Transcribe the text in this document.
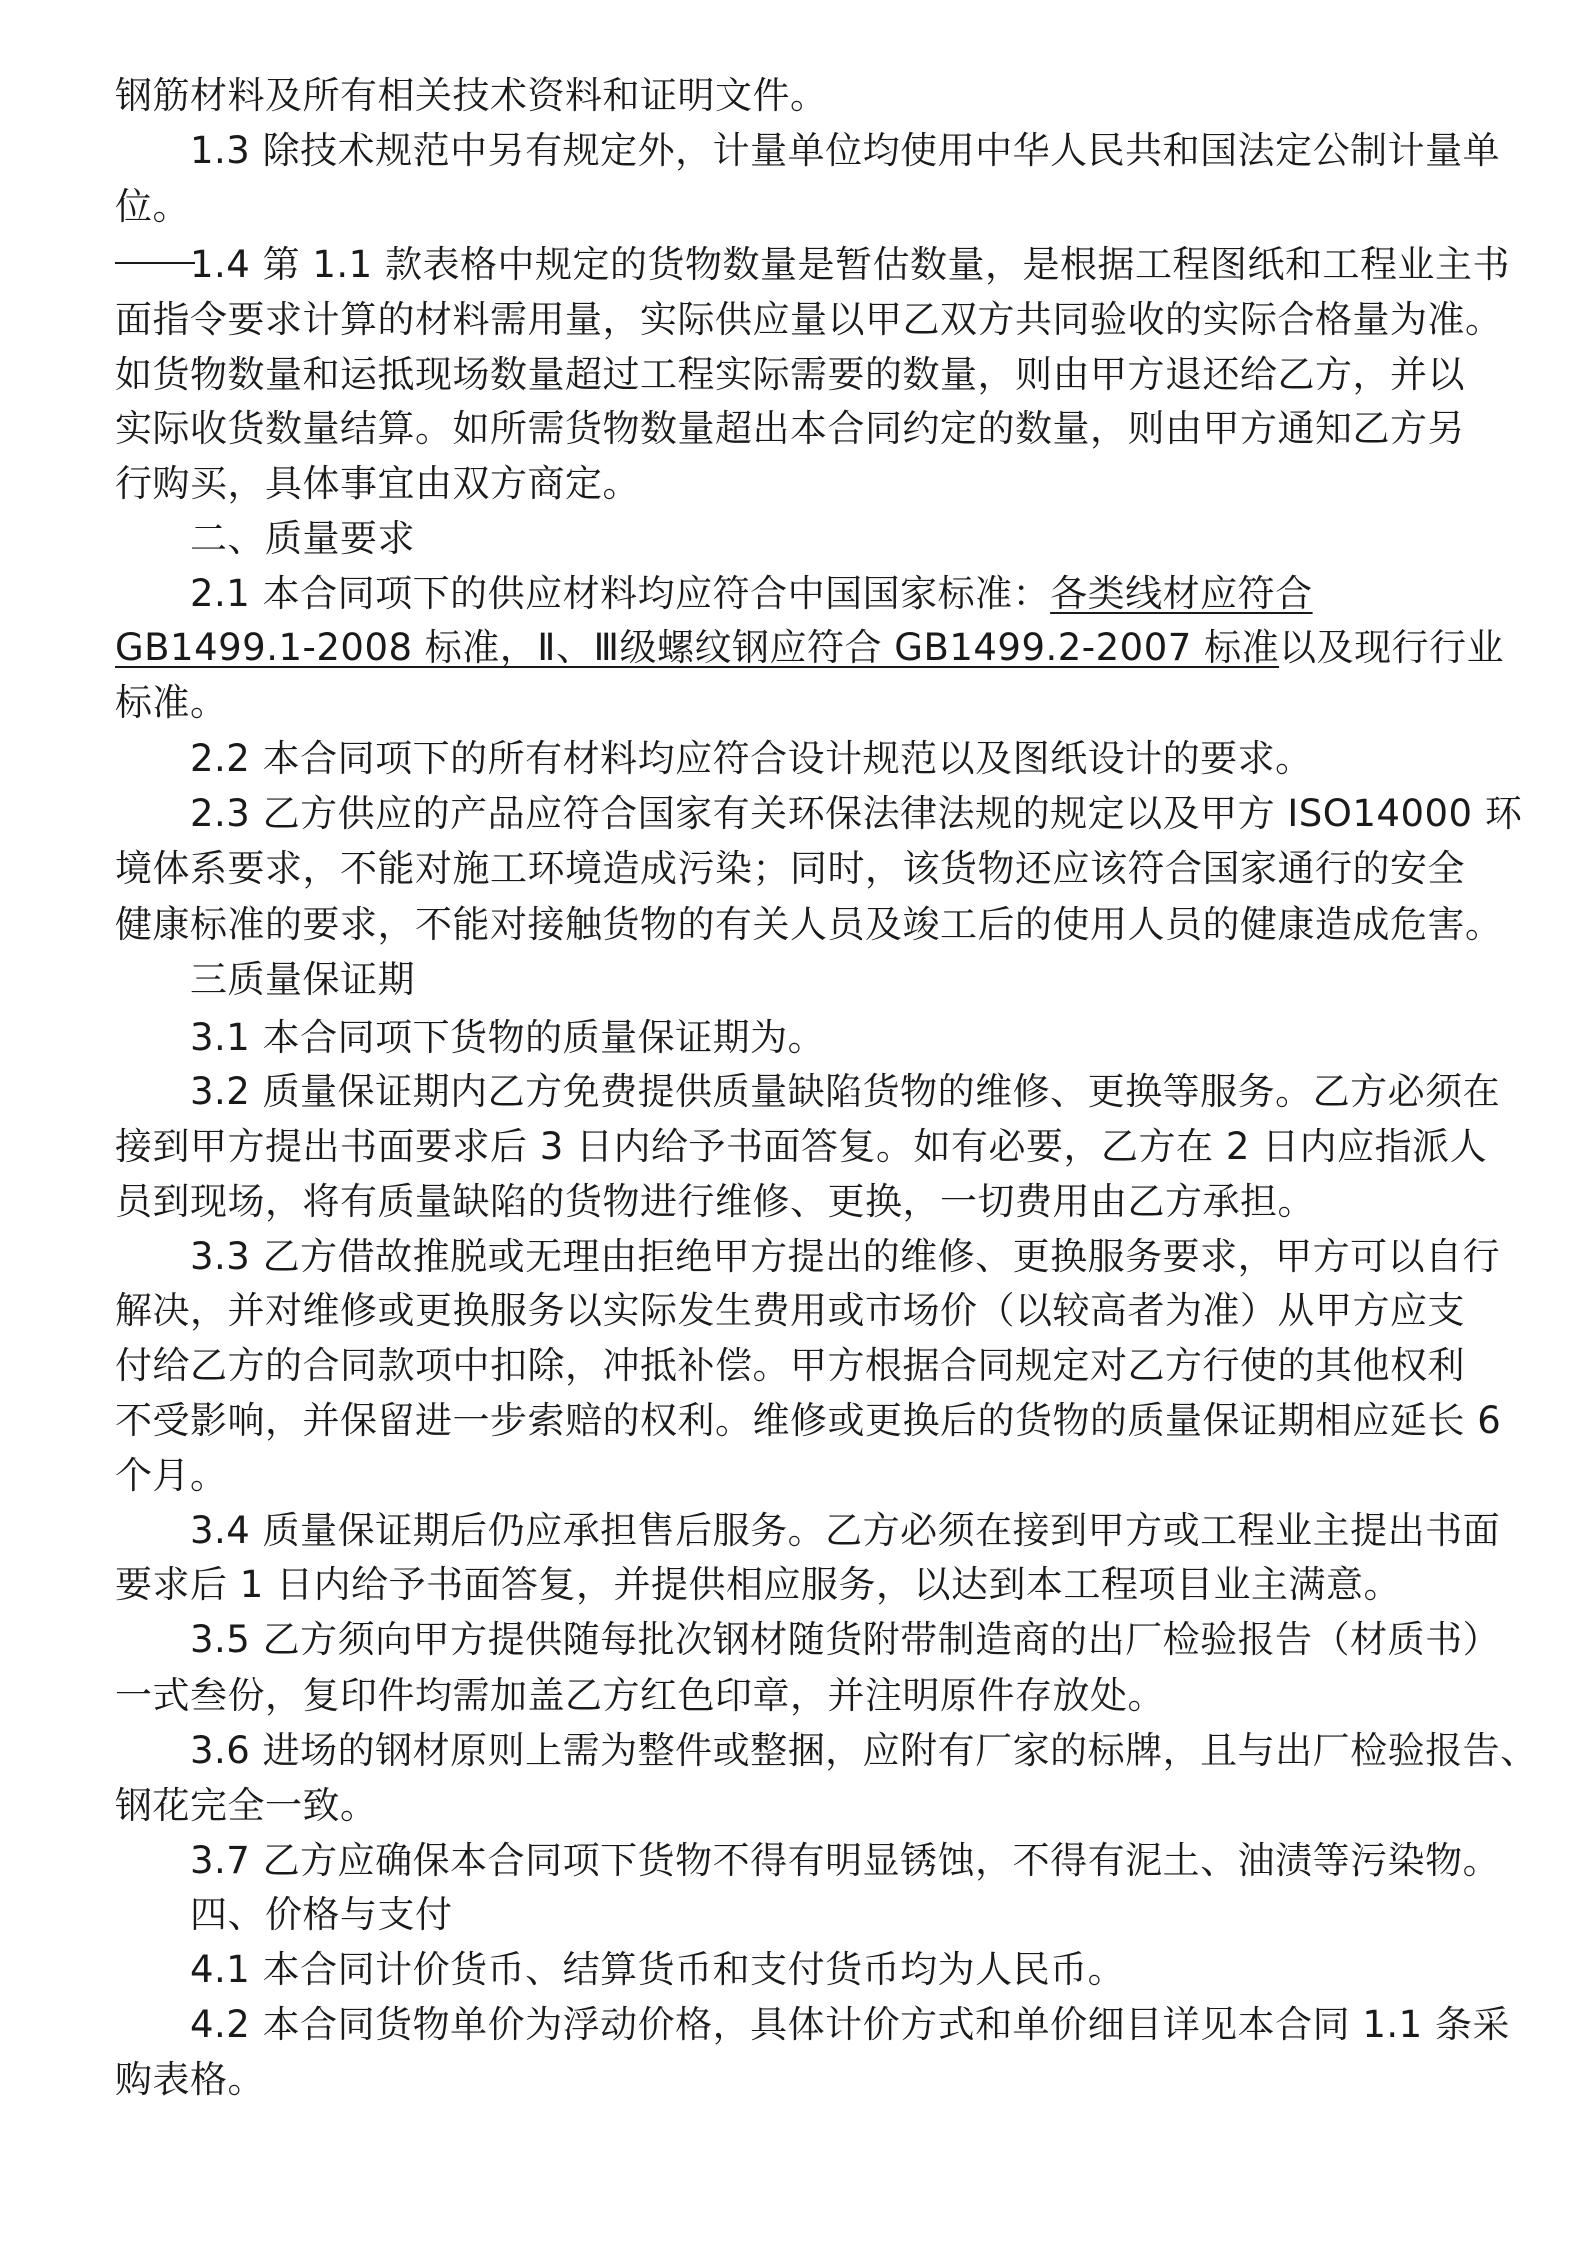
钢筋材料及所有相关技术资料和证明文件。
1.3 除技术规范中另有规定外，计量单位均使用中华人民共和国法定公制计量单
位。
1.4 第 1.1 款表格中规定的货物数量是暂估数量，是根据工程图纸和工程业主书
面指令要求计算的材料需用量，实际供应量以甲乙双方共同验收的实际合格量为准。
如货物数量和运抵现场数量超过工程实际需要的数量，则由甲方退还给乙方，并以
实际收货数量结算。如所需货物数量超出本合同约定的数量，则由甲方通知乙方另
行购买，具体事宜由双方商定。
二、质量要求
2.1 本合同项下的供应材料均应符合中国国家标准：各类线材应符合
GB1499.1-2008 标准，Ⅱ、Ⅲ级螺纹钢应符合 GB1499.2-2007 标准以及现行行业
标准。
2.2 本合同项下的所有材料均应符合设计规范以及图纸设计的要求。
2.3 乙方供应的产品应符合国家有关环保法律法规的规定以及甲方 ISO14000 环
境体系要求，不能对施工环境造成污染；同时，该货物还应该符合国家通行的安全
健康标准的要求，不能对接触货物的有关人员及竣工后的使用人员的健康造成危害。
三质量保证期
3.1 本合同项下货物的质量保证期为。
3.2 质量保证期内乙方免费提供质量缺陷货物的维修、更换等服务。乙方必须在
接到甲方提出书面要求后 3 日内给予书面答复。如有必要，乙方在 2 日内应指派人
员到现场，将有质量缺陷的货物进行维修、更换，一切费用由乙方承担。
3.3 乙方借故推脱或无理由拒绝甲方提出的维修、更换服务要求，甲方可以自行
解决，并对维修或更换服务以实际发生费用或市场价（以较高者为准）从甲方应支
付给乙方的合同款项中扣除，冲抵补偿。甲方根据合同规定对乙方行使的其他权利
不受影响，并保留进一步索赔的权利。维修或更换后的货物的质量保证期相应延长 6
个月。
3.4 质量保证期后仍应承担售后服务。乙方必须在接到甲方或工程业主提出书面
要求后 1 日内给予书面答复，并提供相应服务，以达到本工程项目业主满意。
3.5 乙方须向甲方提供随每批次钢材随货附带制造商的出厂检验报告（材质书）
一式叁份，复印件均需加盖乙方红色印章，并注明原件存放处。
3.6 进场的钢材原则上需为整件或整捆，应附有厂家的标牌，且与出厂检验报告、
钢花完全一致。
3.7 乙方应确保本合同项下货物不得有明显锈蚀，不得有泥土、油渍等污染物。
四、价格与支付
4.1 本合同计价货币、结算货币和支付货币均为人民币。
4.2 本合同货物单价为浮动价格，具体计价方式和单价细目详见本合同 1.1 条采
购表格。
